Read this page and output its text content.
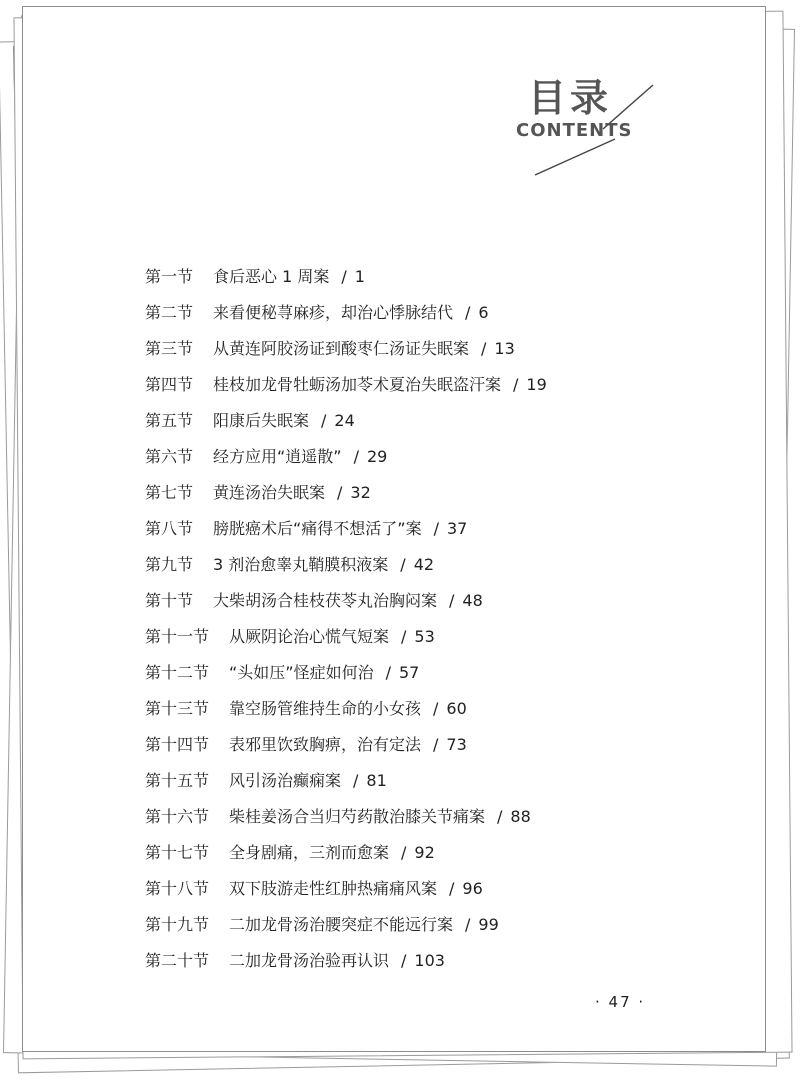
目录
CONTENTS
第一节 食后恶心 1 周案 / 1
第二节 来看便秘荨麻疹，却治心悸脉结代 / 6
第三节 从黄连阿胶汤证到酸枣仁汤证失眠案 / 13
第四节 桂枝加龙骨牡蛎汤加苓术夏治失眠盗汗案 / 19
第五节 阳康后失眠案 / 24
第六节 经方应用“逍遥散” / 29
第七节 黄连汤治失眠案 / 32
第八节 膀胱癌术后“痛得不想活了”案 / 37
第九节 3 剂治愈睾丸鞘膜积液案 / 42
第十节 大柴胡汤合桂枝茯苓丸治胸闷案 / 48
第十一节 从厥阴论治心慌气短案 / 53
第十二节 “头如压”怪症如何治 / 57
第十三节 靠空肠管维持生命的小女孩 / 60
第十四节 表邪里饮致胸痹，治有定法 / 73
第十五节 风引汤治癫痫案 / 81
第十六节 柴桂姜汤合当归芍药散治膝关节痛案 / 88
第十七节 全身剧痛，三剂而愈案 / 92
第十八节 双下肢游走性红肿热痛痛风案 / 96
第十九节 二加龙骨汤治腰突症不能远行案 / 99
第二十节 二加龙骨汤治验再认识 / 103
· 47 ·
